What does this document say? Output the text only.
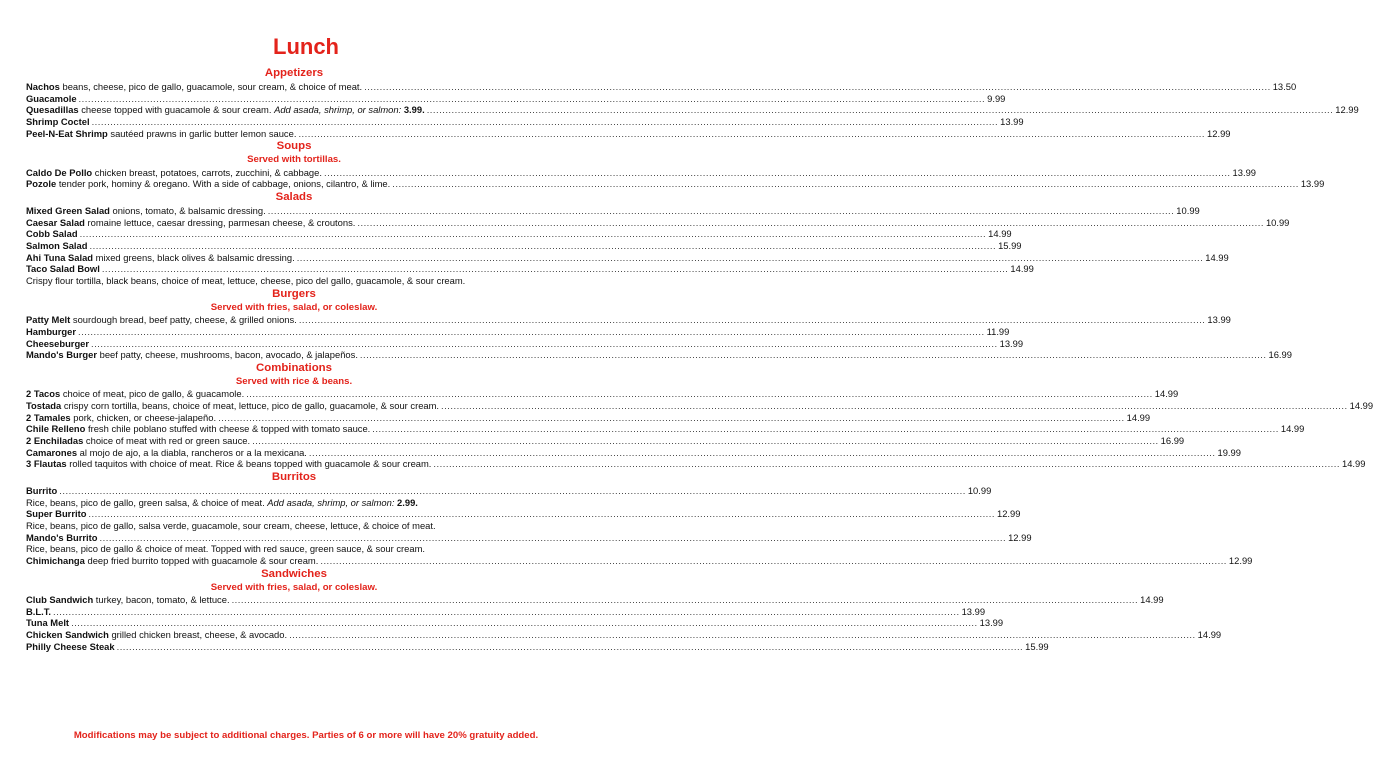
Lunch
Appetizers
Nachos beans, cheese, pico de gallo, guacamole, sour cream, & choice of meat. .....	13.50
Guacamole .....	9.99
Quesadillas cheese topped with guacamole & sour cream. Add asada, shrimp, or salmon: 3.99. .....	12.99
Shrimp Coctel .....	13.99
Peel-N-Eat Shrimp sautéed prawns in garlic butter lemon sauce. .....	12.99
Soups
Served with tortillas.
Caldo De Pollo chicken breast, potatoes, carrots, zucchini, & cabbage. .....	13.99
Pozole tender pork, hominy & oregano. With a side of cabbage, onions, cilantro, & lime. .....	13.99
Salads
Mixed Green Salad onions, tomato, & balsamic dressing. .....	10.99
Caesar Salad romaine lettuce, caesar dressing, parmesan cheese, & croutons. .....	10.99
Cobb Salad .....	14.99
Salmon Salad .....	15.99
Ahi Tuna Salad mixed greens, black olives & balsamic dressing. .....	14.99
Taco Salad Bowl .....	14.99
Crispy flour tortilla, black beans, choice of meat, lettuce, cheese, pico del gallo, guacamole, & sour cream.
Burgers
Served with fries, salad, or coleslaw.
Patty Melt sourdough bread, beef patty, cheese, & grilled onions. .....	13.99
Hamburger .....	11.99
Cheeseburger .....	13.99
Mando's Burger beef patty, cheese, mushrooms, bacon, avocado, & jalapeños. .....	16.99
Combinations
Served with rice & beans.
2 Tacos choice of meat, pico de gallo, & guacamole. .....	14.99
Tostada crispy corn tortilla, beans, choice of meat, lettuce, pico de gallo, guacamole, & sour cream. .....	14.99
2 Tamales pork, chicken, or cheese-jalapeño. .....	14.99
Chile Relleno fresh chile poblano stuffed with cheese & topped with tomato sauce. .....	14.99
2 Enchiladas choice of meat with red or green sauce. .....	16.99
Camarones al mojo de ajo, a la diabla, rancheros or a la mexicana. .....	19.99
3 Flautas rolled taquitos with choice of meat. Rice & beans topped with guacamole & sour cream. .....	14.99
Burritos
Burrito .....	10.99
Rice, beans, pico de gallo, green salsa, & choice of meat. Add asada, shrimp, or salmon: 2.99.
Super Burrito .....	12.99
Rice, beans, pico de gallo, salsa verde, guacamole, sour cream, cheese, lettuce, & choice of meat.
Mando's Burrito .....	12.99
Rice, beans, pico de gallo & choice of meat. Topped with red sauce, green sauce, & sour cream.
Chimichanga deep fried burrito topped with guacamole & sour cream. .....	12.99
Sandwiches
Served with fries, salad, or coleslaw.
Club Sandwich turkey, bacon, tomato, & lettuce. .....	14.99
B.L.T. .....	13.99
Tuna Melt .....	13.99
Chicken Sandwich grilled chicken breast, cheese, & avocado. .....	14.99
Philly Cheese Steak .....	15.99
Modifications may be subject to additional charges. Parties of 6 or more will have 20% gratuity added.
